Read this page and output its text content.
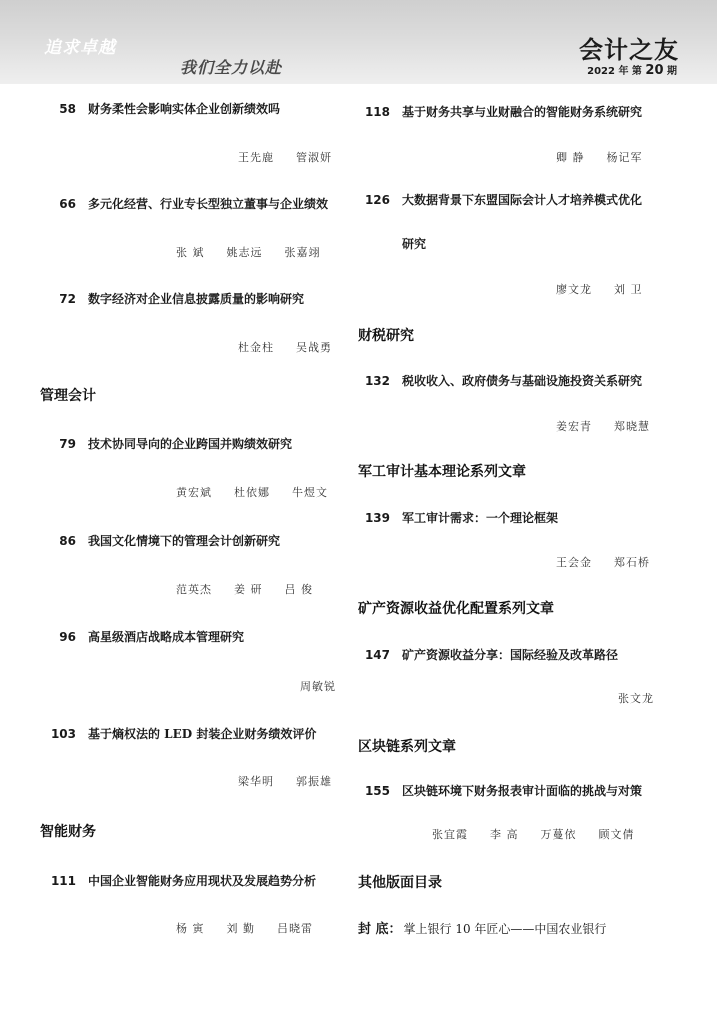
追求卓越
我们全力以赴
会计之友
2022 年 第 20 期
58 财务柔性会影响实体企业创新绩效吗
王先鹿 管淑妍
66 多元化经营、行业专长型独立董事与企业绩效
张 斌 姚志远 张嘉翊
72 数字经济对企业信息披露质量的影响研究
杜金柱 吴战勇
管理会计
79 技术协同导向的企业跨国并购绩效研究
黄宏斌 杜依娜 牛煜文
86 我国文化情境下的管理会计创新研究
范英杰 姜 研 吕 俊
96 高星级酒店战略成本管理研究
周敏锐
103 基于熵权法的 LED 封装企业财务绩效评价
梁华明 郭振雄
智能财务
111 中国企业智能财务应用现状及发展趋势分析
杨 寅 刘 勤 吕晓雷
118 基于财务共享与业财融合的智能财务系统研究
卿 静 杨记军
126 大数据背景下东盟国际会计人才培养模式优化
研究
廖文龙 刘 卫
财税研究
132 税收收入、政府债务与基础设施投资关系研究
姜宏青 郑晓慧
军工审计基本理论系列文章
139 军工审计需求：一个理论框架
王会金 郑石桥
矿产资源收益优化配置系列文章
147 矿产资源收益分享：国际经验及改革路径
张文龙
区块链系列文章
155 区块链环境下财务报表审计面临的挑战与对策
张宜霞 李 高 万蔓依 顾文倩
其他版面目录
封 底： 掌上银行 10 年匠心——中国农业银行
